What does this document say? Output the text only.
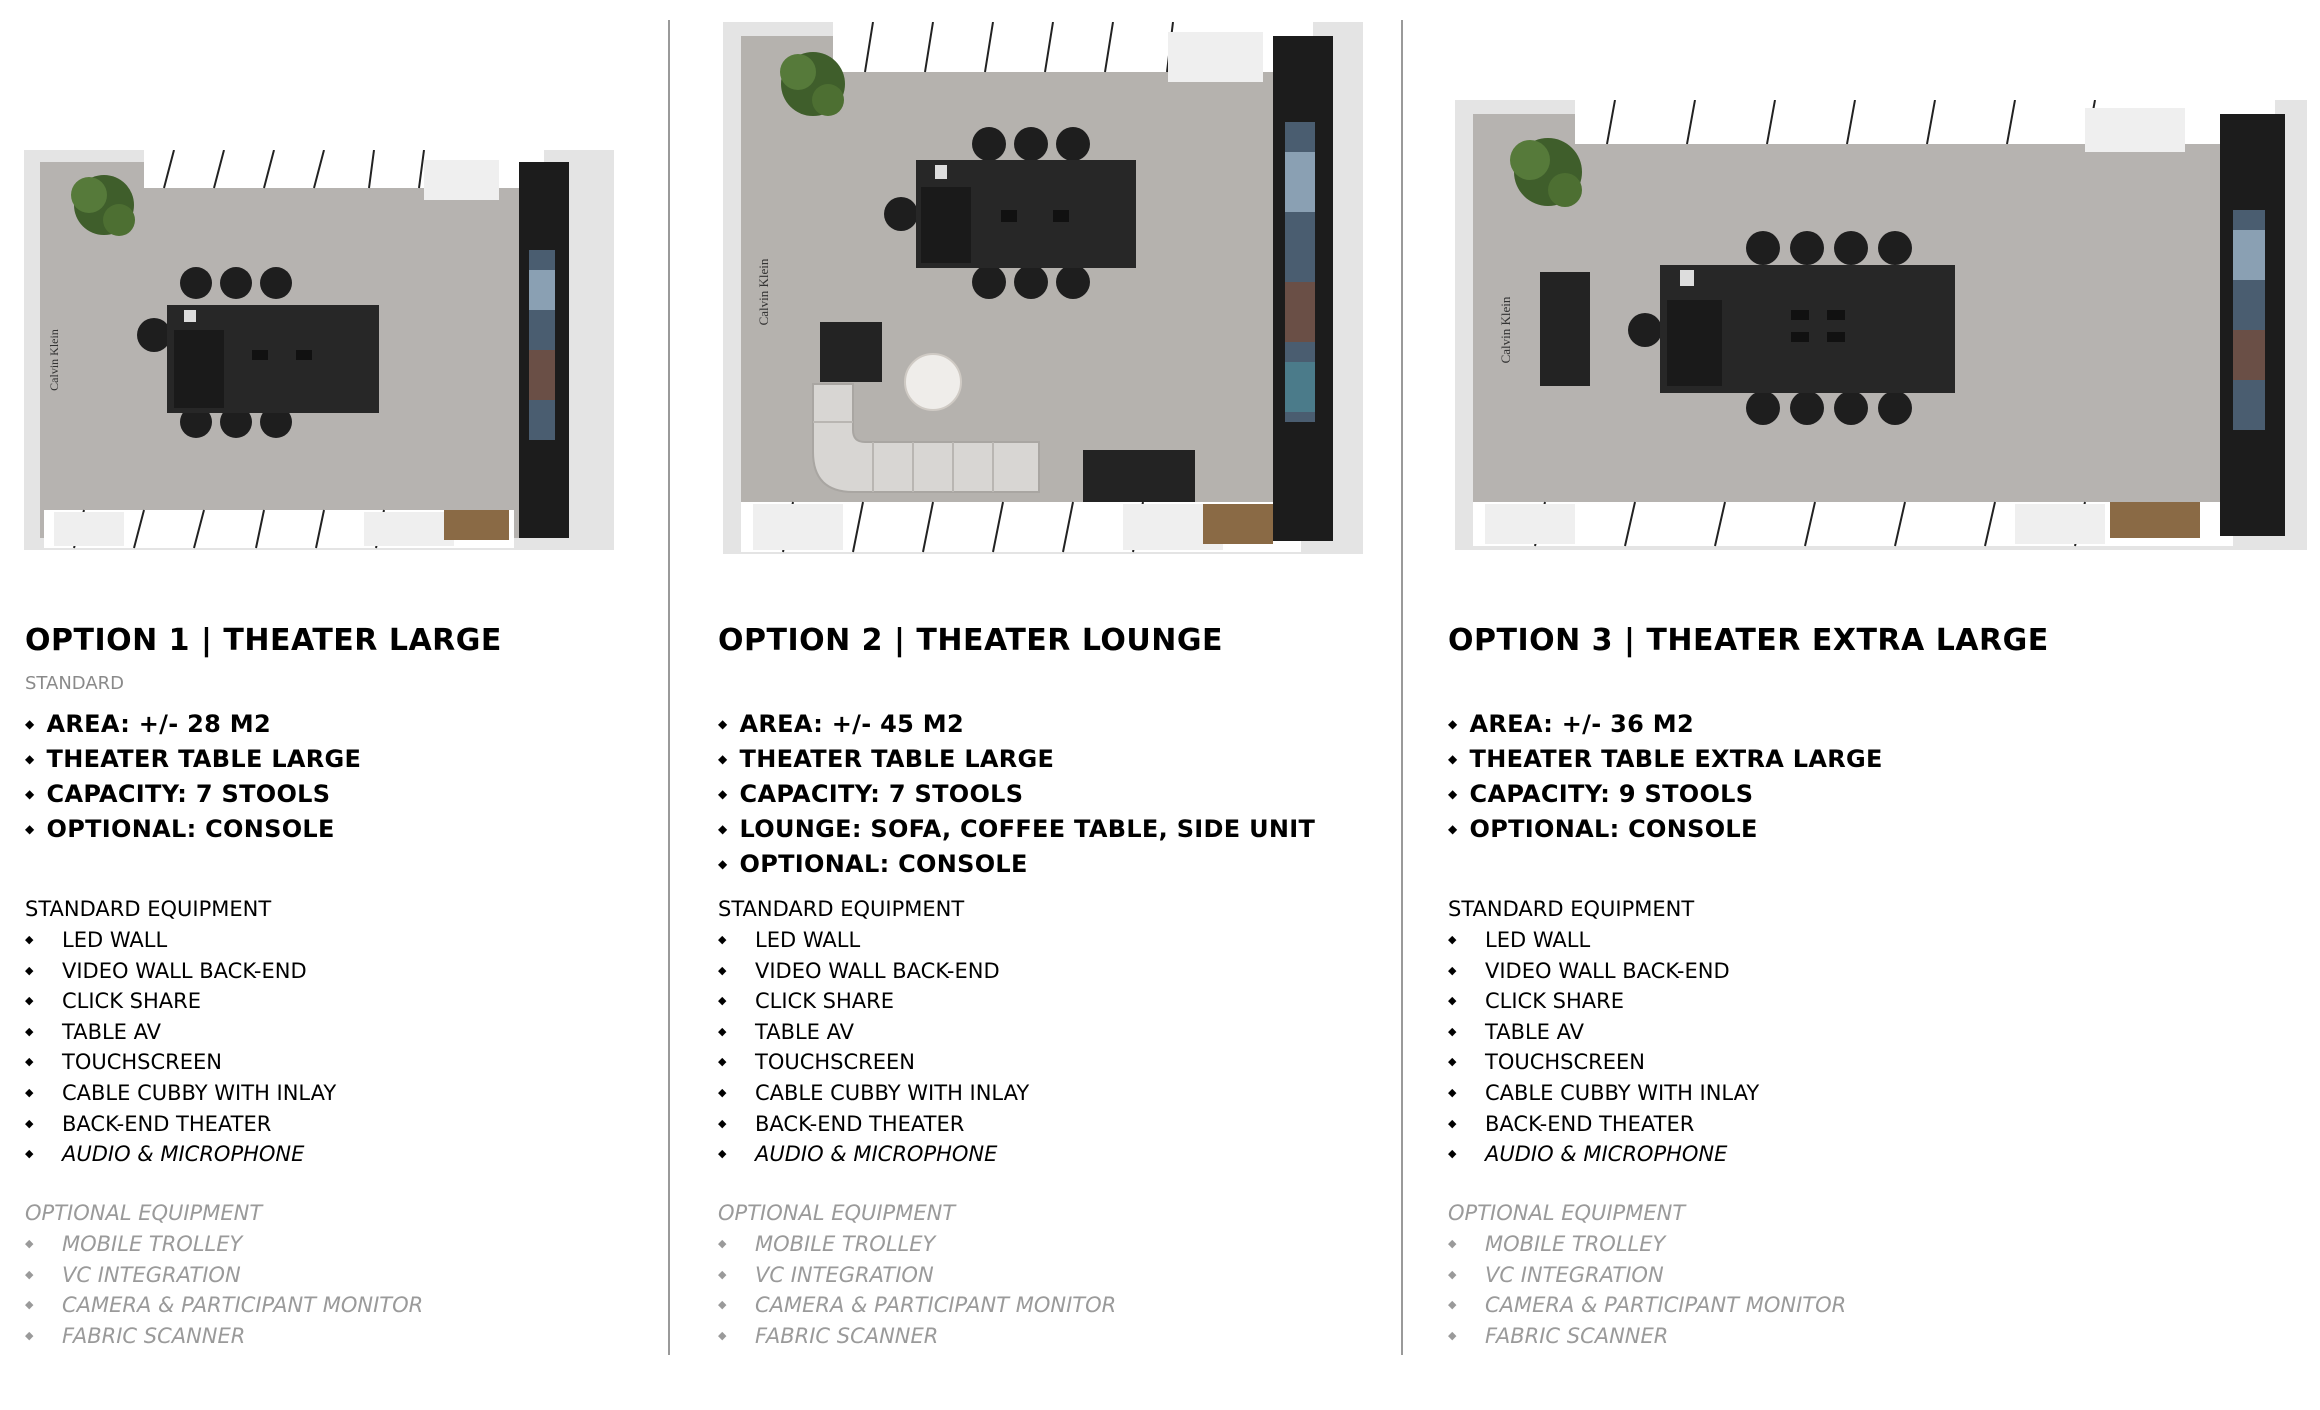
Calvin Klein
Calvin Klein
Calvin Klein
OPTION 1 | THEATER LARGE
STANDARD
◆ AREA: +/- 28 M2
◆ THEATER TABLE LARGE
◆ CAPACITY: 7 STOOLS
◆ OPTIONAL: CONSOLE
STANDARD EQUIPMENT
◆ LED WALL
◆ VIDEO WALL BACK-END
◆ CLICK SHARE
◆ TABLE AV
◆ TOUCHSCREEN
◆ CABLE CUBBY WITH INLAY
◆ BACK-END THEATER
◆ AUDIO & MICROPHONE
OPTIONAL EQUIPMENT
◆ MOBILE TROLLEY
◆ VC INTEGRATION
◆ CAMERA & PARTICIPANT MONITOR
◆ FABRIC SCANNER
OPTION 2 | THEATER LOUNGE
◆ AREA: +/- 45 M2
◆ THEATER TABLE LARGE
◆ CAPACITY: 7 STOOLS
◆ LOUNGE: SOFA, COFFEE TABLE, SIDE UNIT
◆ OPTIONAL: CONSOLE
STANDARD EQUIPMENT
◆ LED WALL
◆ VIDEO WALL BACK-END
◆ CLICK SHARE
◆ TABLE AV
◆ TOUCHSCREEN
◆ CABLE CUBBY WITH INLAY
◆ BACK-END THEATER
◆ AUDIO & MICROPHONE
OPTIONAL EQUIPMENT
◆ MOBILE TROLLEY
◆ VC INTEGRATION
◆ CAMERA & PARTICIPANT MONITOR
◆ FABRIC SCANNER
OPTION 3 | THEATER EXTRA LARGE
◆ AREA: +/- 36 M2
◆ THEATER TABLE EXTRA LARGE
◆ CAPACITY: 9 STOOLS
◆ OPTIONAL: CONSOLE
STANDARD EQUIPMENT
◆ LED WALL
◆ VIDEO WALL BACK-END
◆ CLICK SHARE
◆ TABLE AV
◆ TOUCHSCREEN
◆ CABLE CUBBY WITH INLAY
◆ BACK-END THEATER
◆ AUDIO & MICROPHONE
OPTIONAL EQUIPMENT
◆ MOBILE TROLLEY
◆ VC INTEGRATION
◆ CAMERA & PARTICIPANT MONITOR
◆ FABRIC SCANNER
